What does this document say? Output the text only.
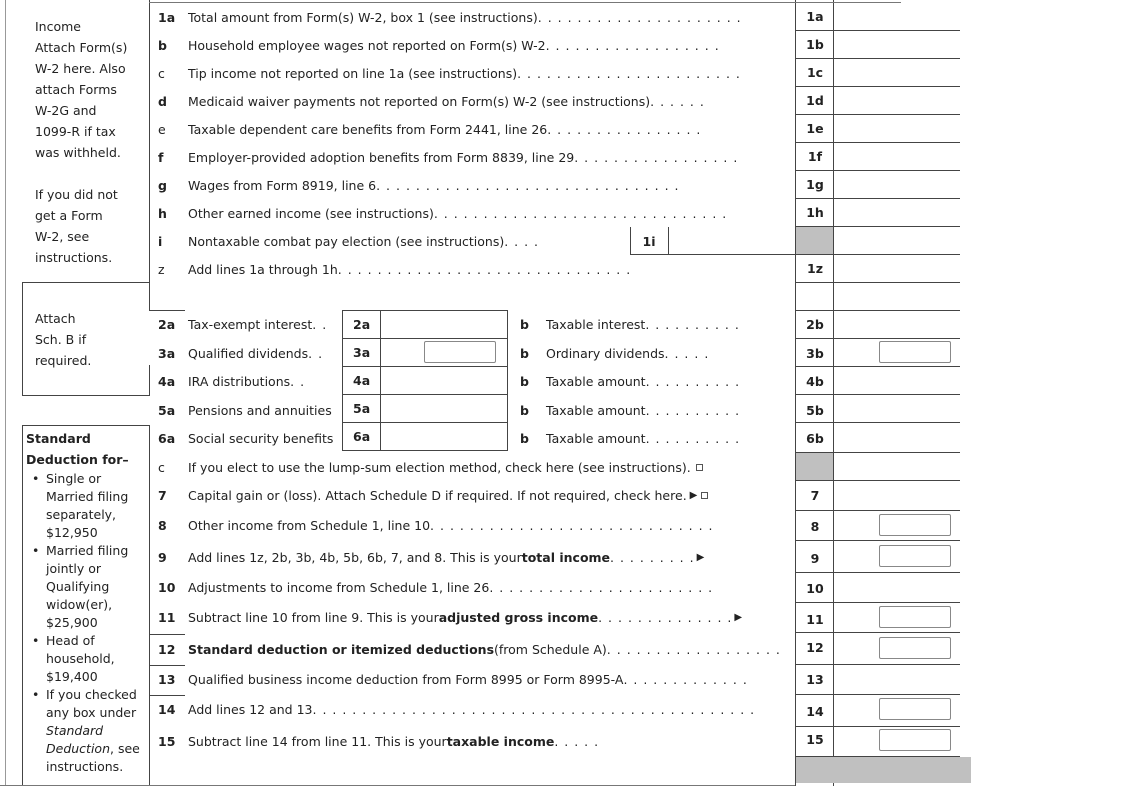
Income
Attach Form(s)
W-2 here. Also
attach Forms
W-2G and
1099-R if tax
was withheld.
If you did not
get a Form
W-2, see
instructions.
Attach
Sch. B if
required.
Standard
Deduction for–
• Single or
Married filing
separately,
$12,950
• Married filing
jointly or
Qualifying
widow(er),
$25,900
• Head of
household,
$19,400
• If you checked
any box under
Standard
Deduction, see
instructions.
1a	Total amount from Form(s) W-2, box 1 (see instructions) . . . . . . . . . . . . . . . . . . . . .	1a
b	Household employee wages not reported on Form(s) W-2 . . . . . . . . . . . . . . . . . .	1b
c	Tip income not reported on line 1a (see instructions) . . . . . . . . . . . . . . . . . . . . . . .	1c
d	Medicaid waiver payments not reported on Form(s) W-2 (see instructions) . . . . . .	1d
e	Taxable dependent care benefits from Form 2441, line 26 . . . . . . . . . . . . . . . .	1e
f	Employer-provided adoption benefits from Form 8839, line 29 . . . . . . . . . . . . . . . . .	1f
g	Wages from Form 8919, line 6 . . . . . . . . . . . . . . . . . . . . . . . . . . . . . . .	1g
h	Other earned income (see instructions) . . . . . . . . . . . . . . . . . . . . . . . . . . . . . .	1h
i	Nontaxable combat pay election (see instructions) . . . .	1i
z	Add lines 1a through 1h . . . . . . . . . . . . . . . . . . . . . . . . . . . . . .	1z
2a	Tax-exempt interest . . 2a	b	Taxable interest . . . . . . . . . .	2b
3a	Qualified dividends . . 3a	b	Ordinary dividends . . . . .	3b
4a	IRA distributions . .	4a	b	Taxable amount . . . . . . . . . .	4b
5a	Pensions and annuities 5a	b	Taxable amount . . . . . . . . . .	5b
6a	Social security benefits 6a	b	Taxable amount . . . . . . . . . .	6b
c	If you elect to use the lump-sum election method, check here (see instructions) .
7	Capital gain or (loss). Attach Schedule D if required. If not required, check here . ▶	7
8	Other income from Schedule 1, line 10 . . . . . . . . . . . . . . . . . . . . . . . . . . . . .	8
9	Add lines 1z, 2b, 3b, 4b, 5b, 6b, 7, and 8. This is your total income . . . . . . . . . ▶	9
10	Adjustments to income from Schedule 1, line 26 . . . . . . . . . . . . . . . . . . . . . . .	10
11	Subtract line 10 from line 9. This is your adjusted gross income . . . . . . . . . . . . . . ▶	11
12	Standard deduction or itemized deductions (from Schedule A) . . . . . . . . . . . . . . . . . .	12
13	Qualified business income deduction from Form 8995 or Form 8995-A . . . . . . . . . . . . .	13
14	Add lines 12 and 13 . . . . . . . . . . . . . . . . . . . . . . . . . . . . . . . . . . . . . . . . . . . . .	14
15	Subtract line 14 from line 11. This is your taxable income . . . . .	15
